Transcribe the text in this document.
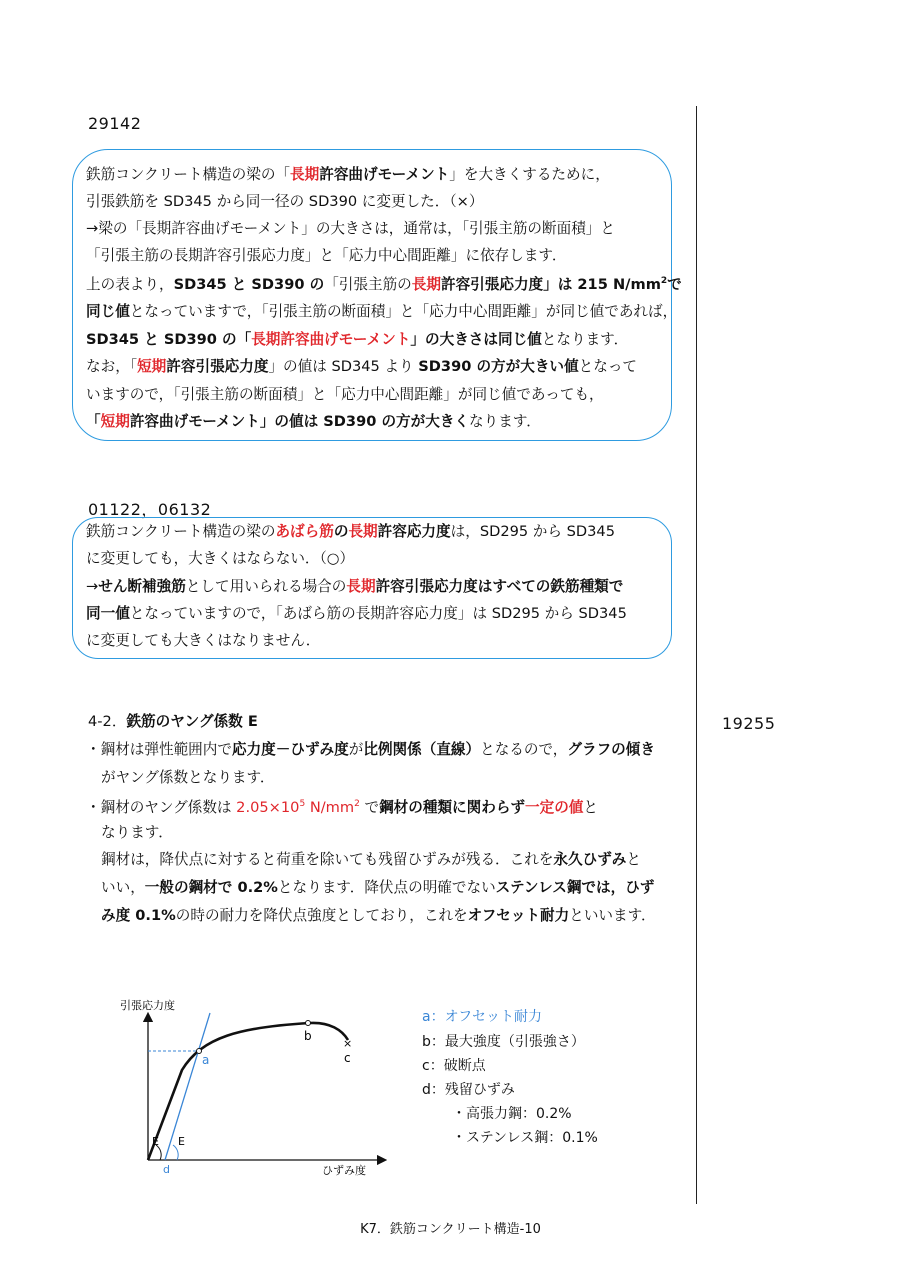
29142
鉄筋コンクリート構造の梁の「長期許容曲げモーメント」を大きくするために，
引張鉄筋を SD345 から同一径の SD390 に変更した．（×）
→梁の「長期許容曲げモーメント」の大きさは，通常は，「引張主筋の断面積」と
「引張主筋の長期許容引張応力度」と「応力中心間距離」に依存します．
上の表より，SD345 と SD390 の「引張主筋の長期許容引張応力度」は 215 $N/mm^2$で
同じ値となっていますで，「引張主筋の断面積」と「応力中心間距離」が同じ値であれば，
SD345 と SD390 の「長期許容曲げモーメント」の大きさは同じ値となります．
なお，「短期許容引張応力度」の値は SD345 より SD390 の方が大きい値となって
いますので，「引張主筋の断面積」と「応力中心間距離」が同じ値であっても，
「短期許容曲げモーメント」の値は SD390 の方が大きくなります．
01122，06132
鉄筋コンクリート構造の梁のあばら筋の長期許容応力度は，SD295 から SD345
に変更しても，大きくはならない．（○）
→せん断補強筋として用いられる場合の長期許容引張応力度はすべての鉄筋種類で
同一値となっていますので，「あばら筋の長期許容応力度」は SD295 から SD345
に変更しても大きくはなりません．
4-2．鉄筋のヤング係数 E	19255
・鋼材は弾性範囲内で応力度－ひずみ度が比例関係（直線）となるので，グラフの傾き
がヤング係数となります．
・鋼材のヤング係数は $2.05\times 10^5$ $N/mm^2$ で鋼材の種類に関わらず一定の値と
なります．
鋼材は，降伏点に対すると荷重を除いても残留ひずみが残る．これを永久ひずみと
いい，一般の鋼材で 0.2%となります．降伏点の明確でないステンレス鋼では，ひず
み度 0.1%の時の耐力を降伏点強度としており，これをオフセット耐力といいます．
引張応力度
ひずみ度
×
a
b
c
d
E E
a：オフセット耐力
b：最大強度（引張強さ）
c：破断点
d：残留ひずみ
・高張力鋼：0.2%
・ステンレス鋼：0.1%
K7．鉄筋コンクリート構造-10
